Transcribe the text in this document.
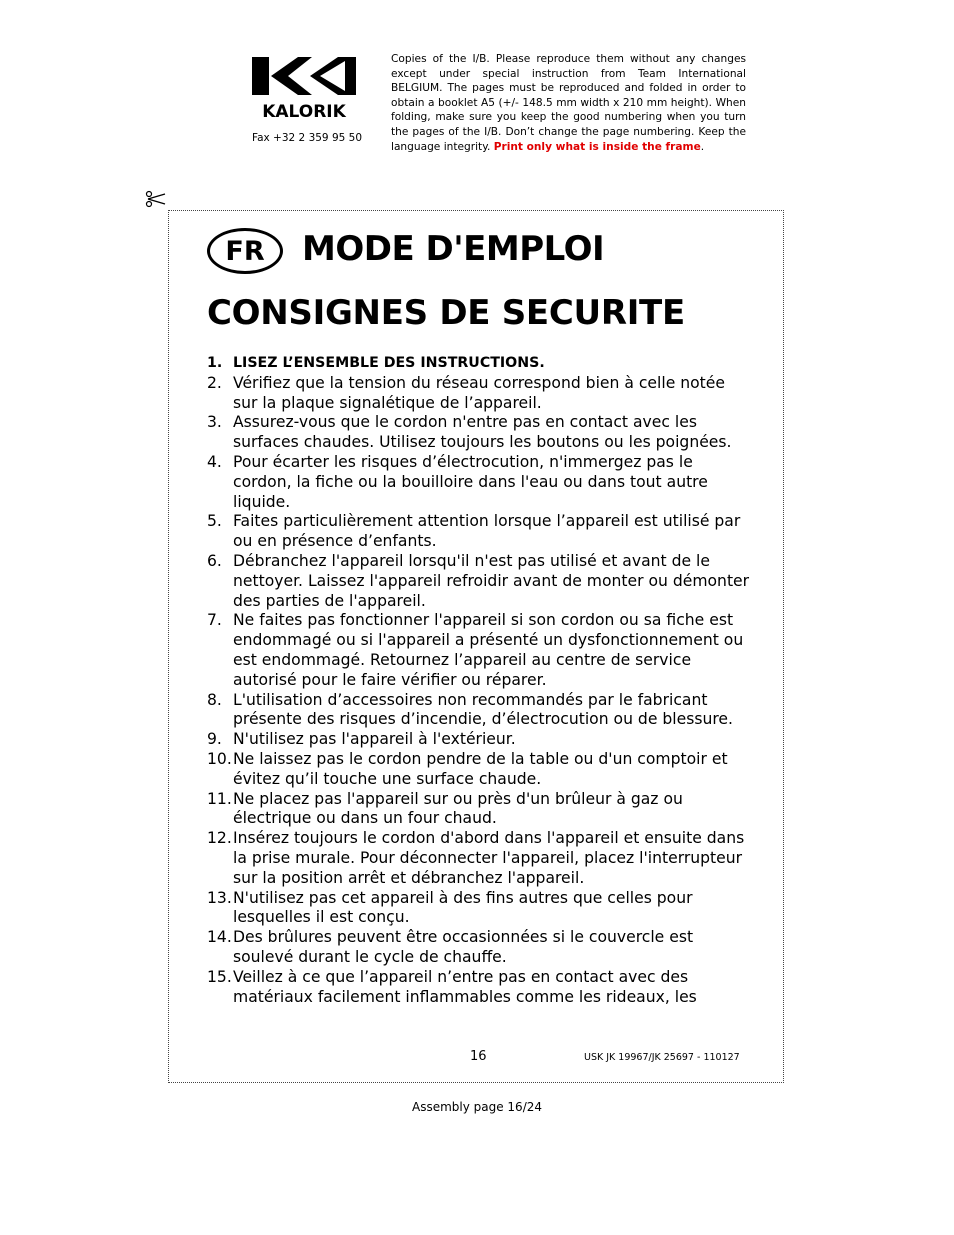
KALORIK
Fax +32 2 359 95 50
Copies of the I/B. Please reproduce them without any changes except under special instruction from Team International BELGIUM. The pages must be reproduced and folded in order to obtain a booklet A5 (+/- 148.5 mm width x 210 mm height). When folding, make sure you keep the good numbering when you turn the pages of the I/B. Don’t change the page numbering. Keep the language integrity. Print only what is inside the frame.
FR	MODE D'EMPLOI
CONSIGNES DE SECURITE
1. LISEZ L’ENSEMBLE DES INSTRUCTIONS.
2. Vérifiez que la tension du réseau correspond bien à celle notée sur la plaque signalétique de l’appareil.
3. Assurez-vous que le cordon n'entre pas en contact avec les surfaces chaudes. Utilisez toujours les boutons ou les poignées.
4. Pour écarter les risques d’électrocution, n'immergez pas le cordon, la fiche ou la bouilloire dans l'eau ou dans tout autre liquide.
5. Faites particulièrement attention lorsque l’appareil est utilisé par ou en présence d’enfants.
6. Débranchez l'appareil lorsqu'il n'est pas utilisé et avant de le nettoyer. Laissez l'appareil refroidir avant de monter ou démonter des parties de l'appareil.
7. Ne faites pas fonctionner l'appareil si son cordon ou sa fiche est endommagé ou si l'appareil a présenté un dysfonctionnement ou est endommagé. Retournez l’appareil au centre de service autorisé pour le faire vérifier ou réparer.
8. L'utilisation d’accessoires non recommandés par le fabricant présente des risques d’incendie, d’électrocution ou de blessure.
9. N'utilisez pas l'appareil à l'extérieur.
10. Ne laissez pas le cordon pendre de la table ou d'un comptoir et évitez qu’il touche une surface chaude.
11. Ne placez pas l'appareil sur ou près d'un brûleur à gaz ou électrique ou dans un four chaud.
12. Insérez toujours le cordon d'abord dans l'appareil et ensuite dans la prise murale. Pour déconnecter l'appareil, placez l'interrupteur sur la position arrêt et débranchez l'appareil.
13. N'utilisez pas cet appareil à des fins autres que celles pour lesquelles il est conçu.
14. Des brûlures peuvent être occasionnées si le couvercle est soulevé durant le cycle de chauffe.
15. Veillez à ce que l’appareil n’entre pas en contact avec des matériaux facilement inflammables comme les rideaux, les
16	USK JK 19967/JK 25697 - 110127
Assembly page 16/24
